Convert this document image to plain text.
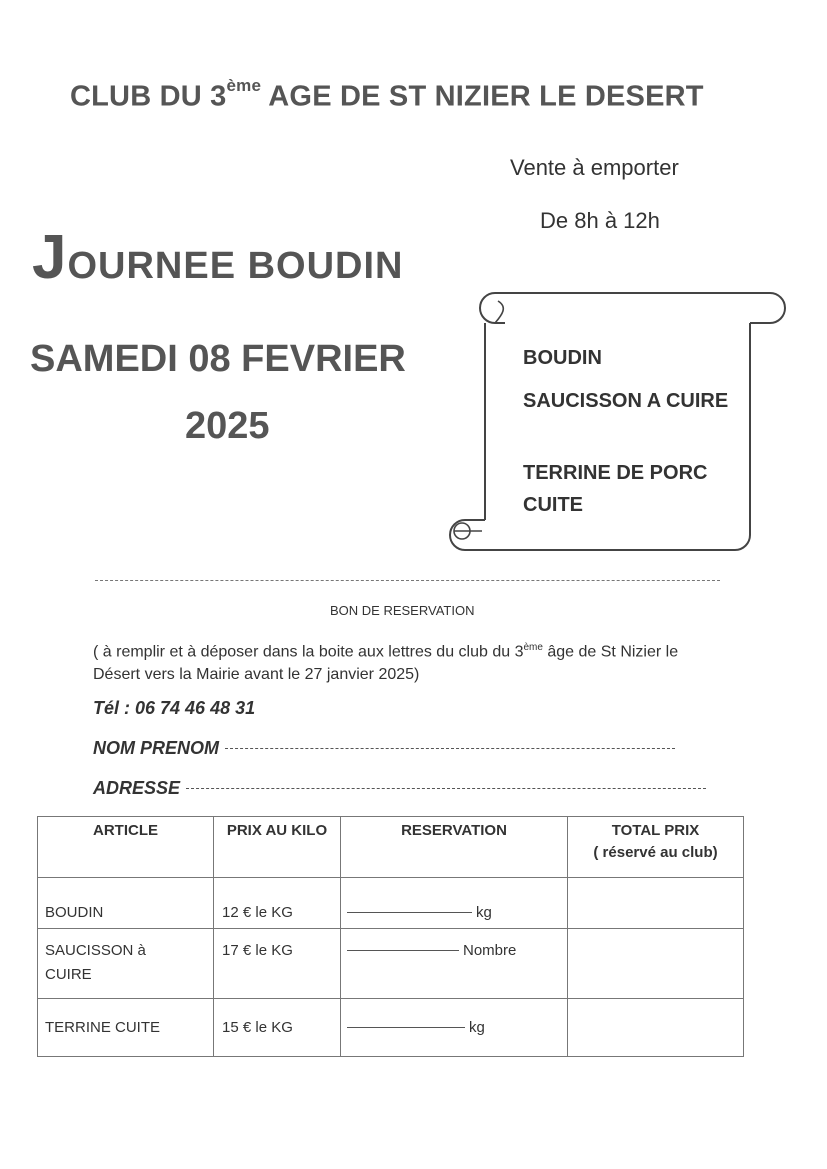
CLUB DU 3ème AGE DE ST NIZIER LE DESERT
Vente à emporter
De 8h à 12h
JOURNEE BOUDIN
SAMEDI 08 FEVRIER
2025
BOUDIN
SAUCISSON A CUIRE
TERRINE DE PORC CUITE
BON DE RESERVATION
( à remplir et à déposer dans la boite aux lettres du club du 3ème âge de St Nizier le Désert vers la Mairie avant le 27 janvier 2025)
Tél : 06 74 46 48 31
NOM PRENOM
ADRESSE
ARTICLE	PRIX AU KILO	RESERVATION	TOTAL PRIX
( réservé au club)

BOUDIN	12 € le KG	kg	

SAUCISSON à CUIRE	17 € le KG	Nombre	

TERRINE CUITE	15 € le KG	kg	
